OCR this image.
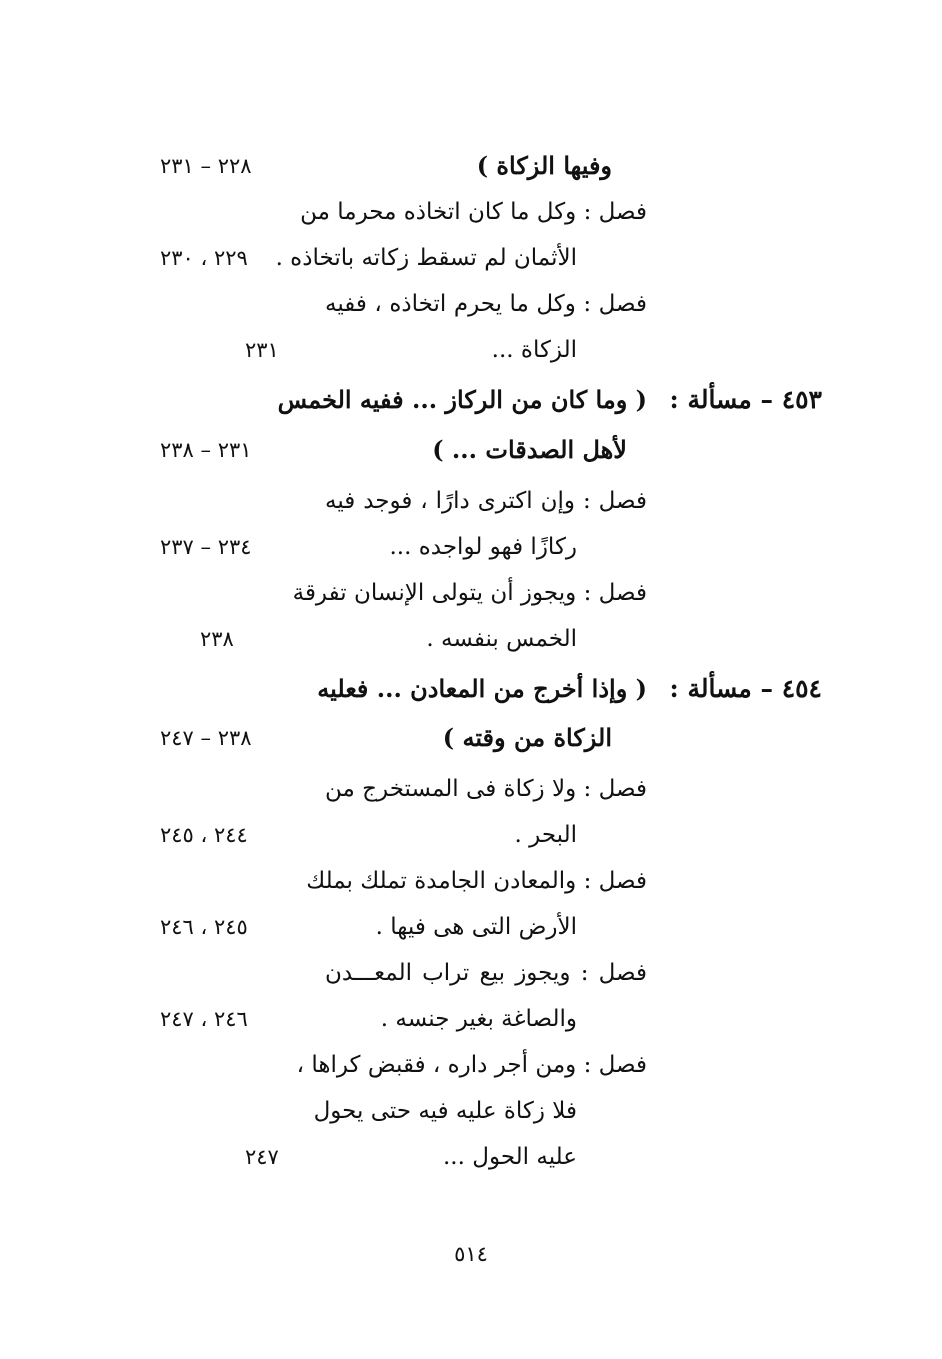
وفيها الزكاة )
٢٢٨ – ٢٣١
فصل : وكل ما كان اتخاذه محرما من
الأثمان لم تسقط زكاته باتخاذه .
٢٢٩ ، ٢٣٠
فصل : وكل ما يحرم اتخاذه ، ففيه
الزكاة ...
٢٣١
٤٥٣ – مسألة :
( وما كان من الركاز ... ففيه الخمس
لأهل الصدقات ... )
٢٣١ – ٢٣٨
فصل : وإن اكترى دارًا ، فوجد فيه
ركازًا فهو لواجده ...
٢٣٤ – ٢٣٧
فصل : ويجوز أن يتولى الإنسان تفرقة
الخمس بنفسه .
٢٣٨
٤٥٤ – مسألة :
( وإذا أخرج من المعادن ... فعليه
الزكاة من وقته )
٢٣٨ – ٢٤٧
فصل : ولا زكاة فى المستخرج من
البحر .
٢٤٤ ، ٢٤٥
فصل : والمعادن الجامدة تملك بملك
الأرض التى هى فيها .
٢٤٥ ، ٢٤٦
فصل : ويجوز بيع تراب المعـــدن
والصاغة بغير جنسه .
٢٤٦ ، ٢٤٧
فصل : ومن أجر داره ، فقبض كراها ،
فلا زكاة عليه فيه حتى يحول
عليه الحول ...
٢٤٧
٥١٤
